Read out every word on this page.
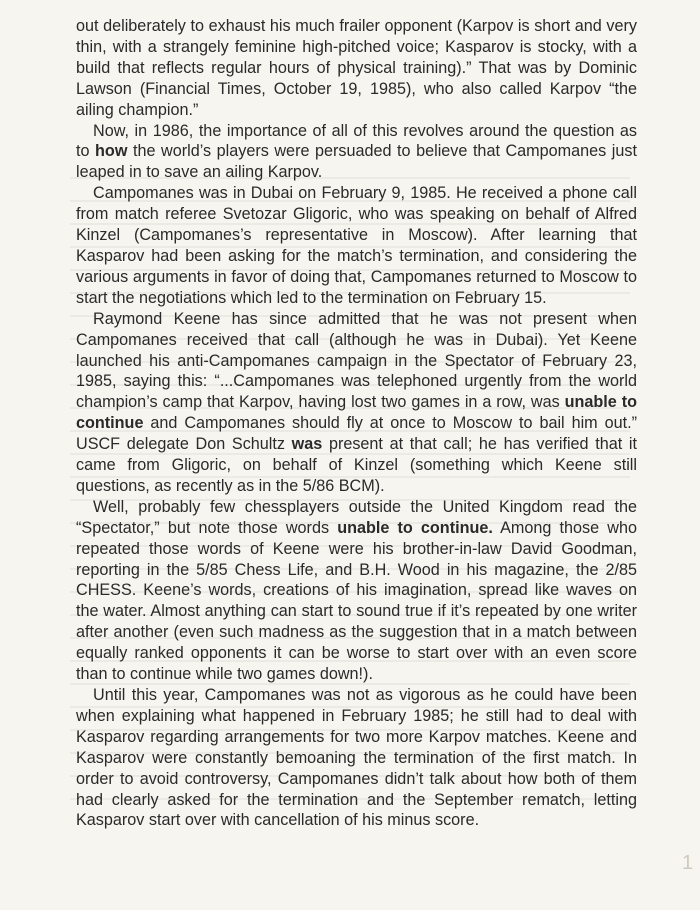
out deliberately to exhaust his much frailer opponent (Karpov is short and very thin, with a strangely feminine high-pitched voice; Kasparov is stocky, with a build that reflects regular hours of physical training).” That was by Dominic Lawson (Financial Times, October 19, 1985), who also called Karpov “the ailing champion.”

Now, in 1986, the importance of all of this revolves around the question as to how the world’s players were persuaded to believe that Campomanes just leaped in to save an ailing Karpov.

Campomanes was in Dubai on February 9, 1985. He received a phone call from match referee Svetozar Gligoric, who was speaking on behalf of Alfred Kinzel (Campomanes’s representative in Moscow). After learning that Kasparov had been asking for the match’s termination, and considering the various arguments in favor of doing that, Campomanes returned to Moscow to start the negotiations which led to the termination on February 15.

Raymond Keene has since admitted that he was not present when Campomanes received that call (although he was in Dubai). Yet Keene launched his anti-Campomanes campaign in the Spectator of February 23, 1985, saying this: “...Campomanes was telephoned urgently from the world champion’s camp that Karpov, having lost two games in a row, was unable to continue and Campomanes should fly at once to Moscow to bail him out.” USCF delegate Don Schultz was present at that call; he has verified that it came from Gligoric, on behalf of Kinzel (something which Keene still questions, as recently as in the 5/86 BCM).

Well, probably few chessplayers outside the United Kingdom read the “Spectator,” but note those words unable to continue. Among those who repeated those words of Keene were his brother-in-law David Goodman, reporting in the 5/85 Chess Life, and B.H. Wood in his magazine, the 2/85 CHESS. Keene’s words, creations of his imagination, spread like waves on the water. Almost anything can start to sound true if it’s repeated by one writer after another (even such madness as the suggestion that in a match between equally ranked opponents it can be worse to start over with an even score than to continue while two games down!).

Until this year, Campomanes was not as vigorous as he could have been when explaining what happened in February 1985; he still had to deal with Kasparov regarding arrangements for two more Karpov matches. Keene and Kasparov were constantly bemoaning the termination of the first match. In order to avoid controversy, Campomanes didn’t talk about how both of them had clearly asked for the termination and the September rematch, letting Kasparov start over with cancellation of his minus score.

1
